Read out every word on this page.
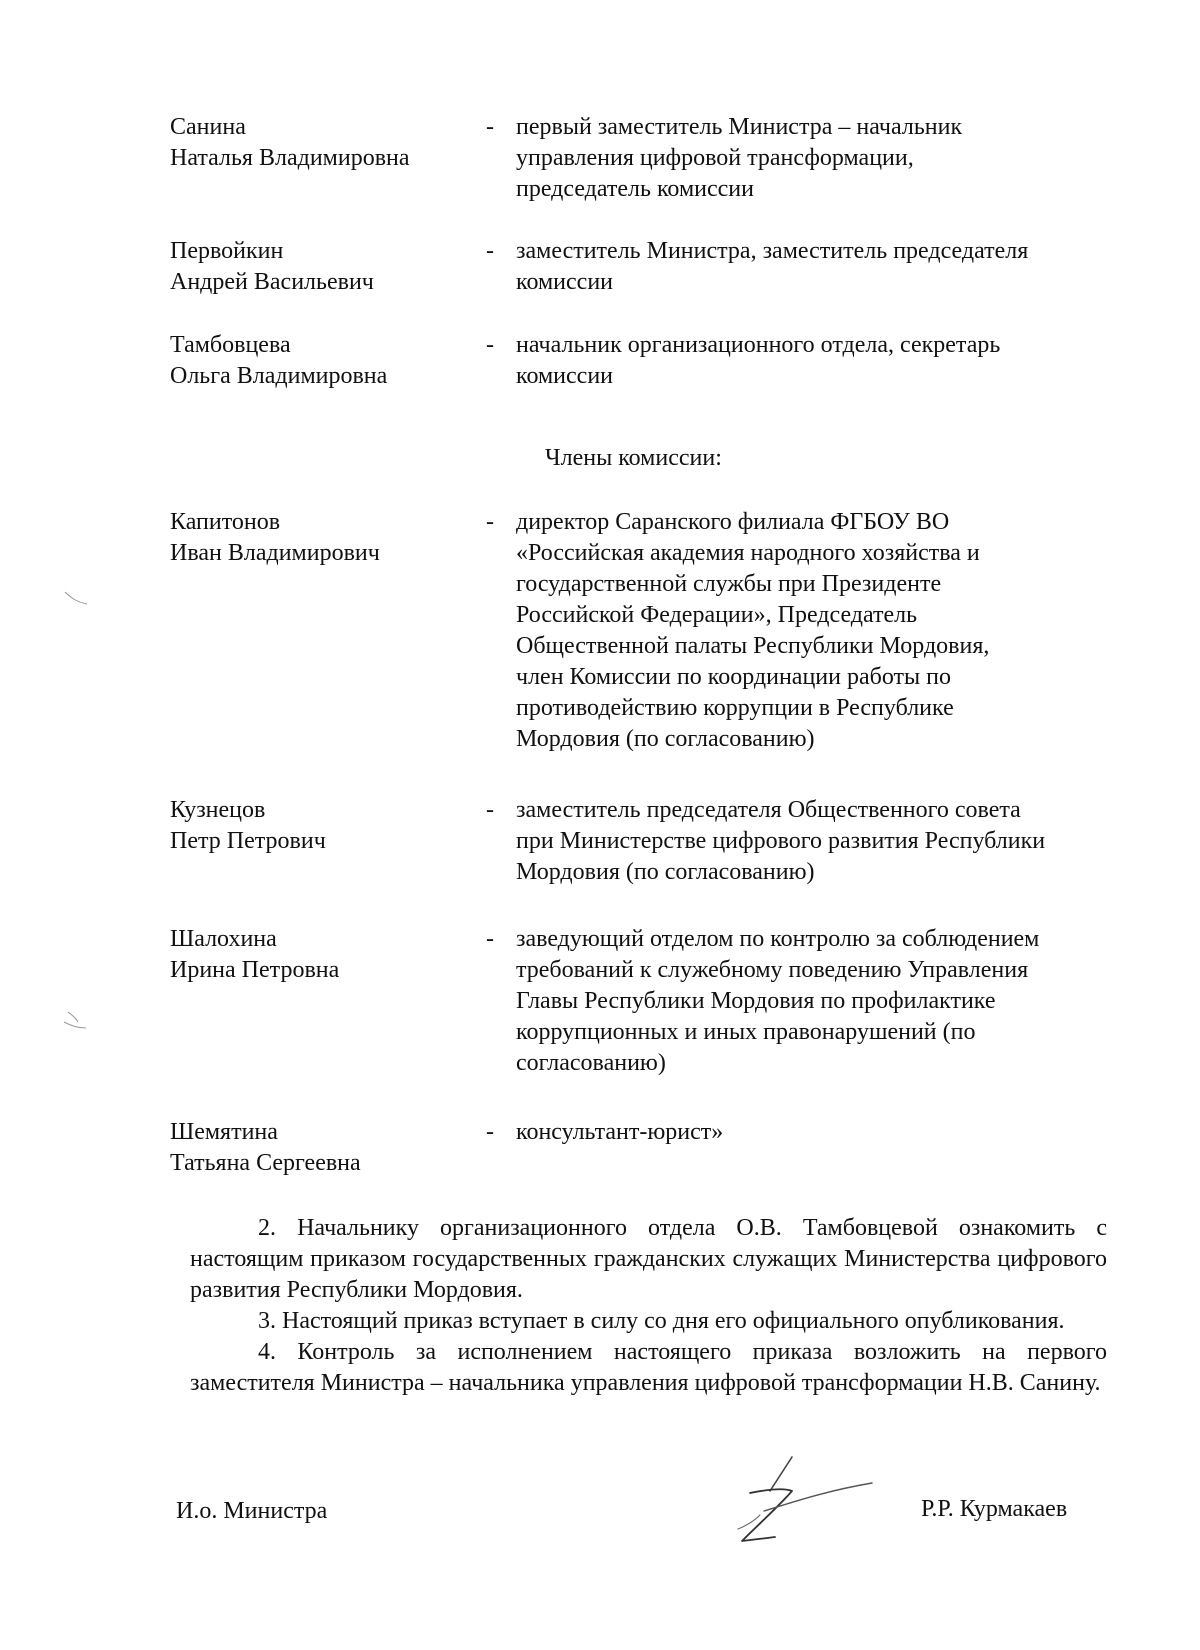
Санина
Наталья Владимировна
- первый заместитель Министра – начальник
управления цифровой трансформации,
председатель комиссии
Первойкин
Андрей Васильевич
- заместитель Министра, заместитель председателя
комиссии
Тамбовцева
Ольга Владимировна
- начальник организационного отдела, секретарь
комиссии
Члены комиссии:
Капитонов
Иван Владимирович
- директор Саранского филиала ФГБОУ ВО
«Российская академия народного хозяйства и
государственной службы при Президенте
Российской Федерации», Председатель
Общественной палаты Республики Мордовия,
член Комиссии по координации работы по
противодействию коррупции в Республике
Мордовия (по согласованию)
Кузнецов
Петр Петрович
- заместитель председателя Общественного совета
при Министерстве цифрового развития Республики
Мордовия (по согласованию)
Шалохина
Ирина Петровна
- заведующий отделом по контролю за соблюдением
требований к служебному поведению Управления
Главы Республики Мордовия по профилактике
коррупционных и иных правонарушений (по
согласованию)
Шемятина
Татьяна Сергеевна
- консультант-юрист»

2. Начальнику организационного отдела О.В. Тамбовцевой ознакомить с настоящим приказом государственных гражданских служащих Министерства цифрового развития Республики Мордовия.

3. Настоящий приказ вступает в силу со дня его официального опубликования.

4. Контроль за исполнением настоящего приказа возложить на первого заместителя Министра – начальника управления цифровой трансформации Н.В. Санину.

И.о. Министра	Р.Р. Курмакаев
